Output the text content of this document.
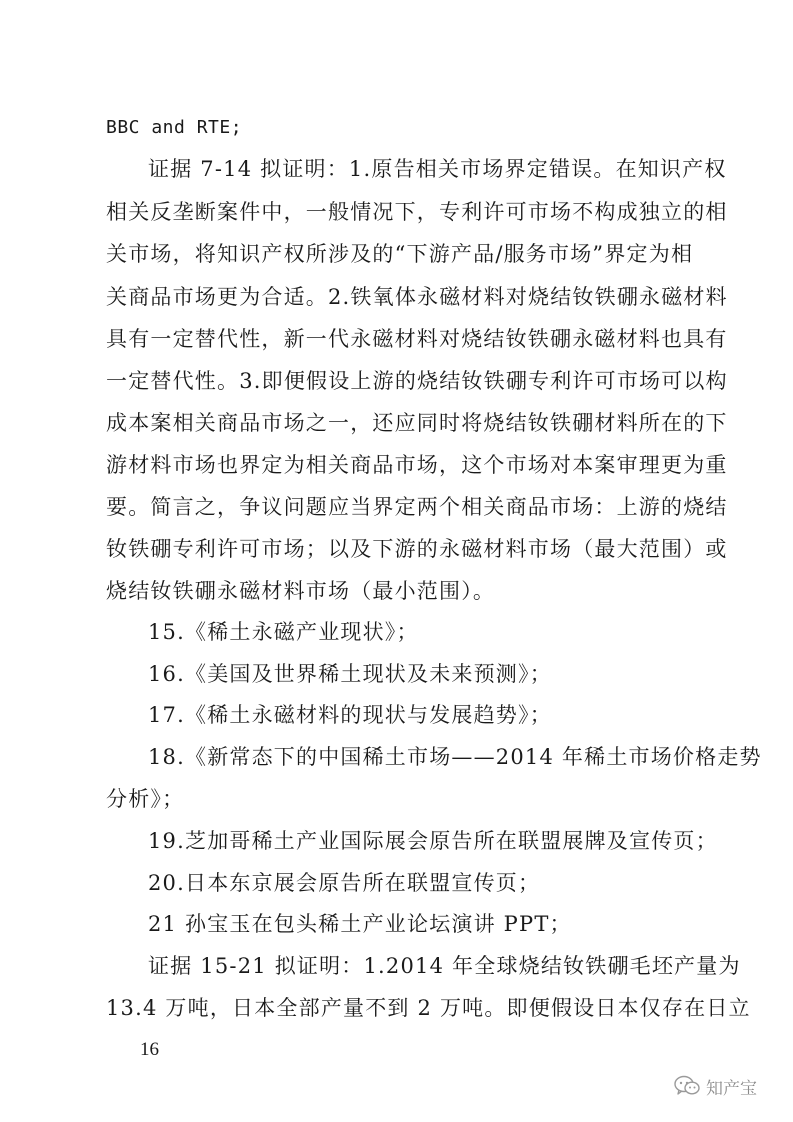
BBC and RTE;
证据 7-14 拟证明：1.原告相关市场界定错误。在知识产权
相关反垄断案件中，一般情况下，专利许可市场不构成独立的相
关市场，将知识产权所涉及的“下游产品/服务市场”界定为相
关商品市场更为合适。2.铁氧体永磁材料对烧结钕铁硼永磁材料
具有一定替代性，新一代永磁材料对烧结钕铁硼永磁材料也具有
一定替代性。3.即便假设上游的烧结钕铁硼专利许可市场可以构
成本案相关商品市场之一，还应同时将烧结钕铁硼材料所在的下
游材料市场也界定为相关商品市场，这个市场对本案审理更为重
要。简言之，争议问题应当界定两个相关商品市场：上游的烧结
钕铁硼专利许可市场；以及下游的永磁材料市场（最大范围）或
烧结钕铁硼永磁材料市场（最小范围）。
15.《稀土永磁产业现状》；
16.《美国及世界稀土现状及未来预测》；
17.《稀土永磁材料的现状与发展趋势》；
18.《新常态下的中国稀土市场——2014 年稀土市场价格走势
分析》；
19.芝加哥稀土产业国际展会原告所在联盟展牌及宣传页；
20.日本东京展会原告所在联盟宣传页；
21 孙宝玉在包头稀土产业论坛演讲 PPT；
证据 15-21 拟证明：1.2014 年全球烧结钕铁硼毛坯产量为
13.4 万吨，日本全部产量不到 2 万吨。即便假设日本仅存在日立
16
知产宝
